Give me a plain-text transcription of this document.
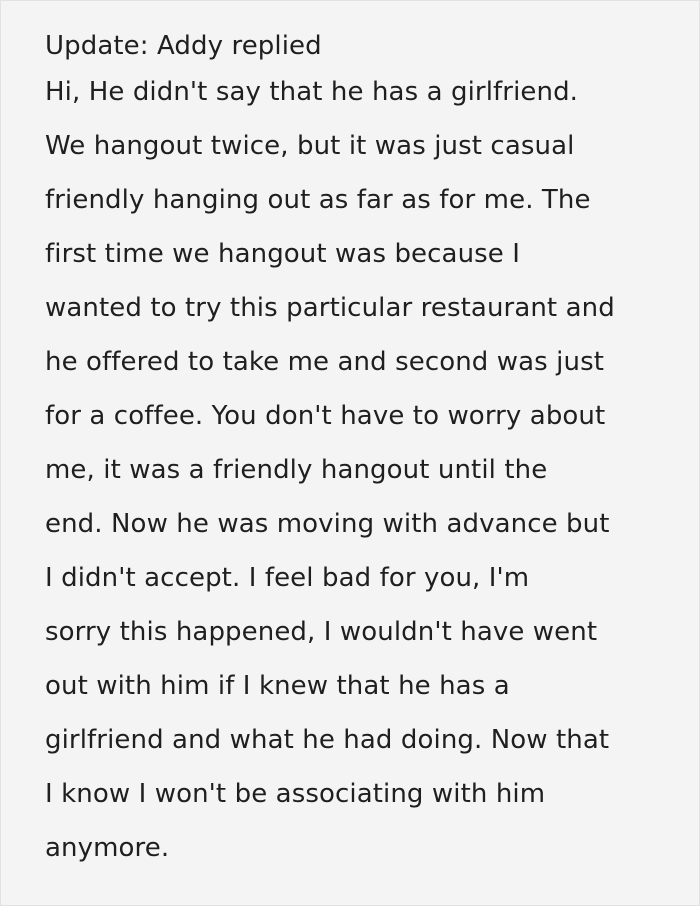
Update: Addy replied
Hi, He didn't say that he has a girlfriend.
We hangout twice, but it was just casual
friendly hanging out as far as for me. The
first time we hangout was because I
wanted to try this particular restaurant and
he offered to take me and second was just
for a coffee. You don't have to worry about
me, it was a friendly hangout until the
end. Now he was moving with advance but
I didn't accept. I feel bad for you, I'm
sorry this happened, I wouldn't have went
out with him if I knew that he has a
girlfriend and what he had doing. Now that
I know I won't be associating with him
anymore.
